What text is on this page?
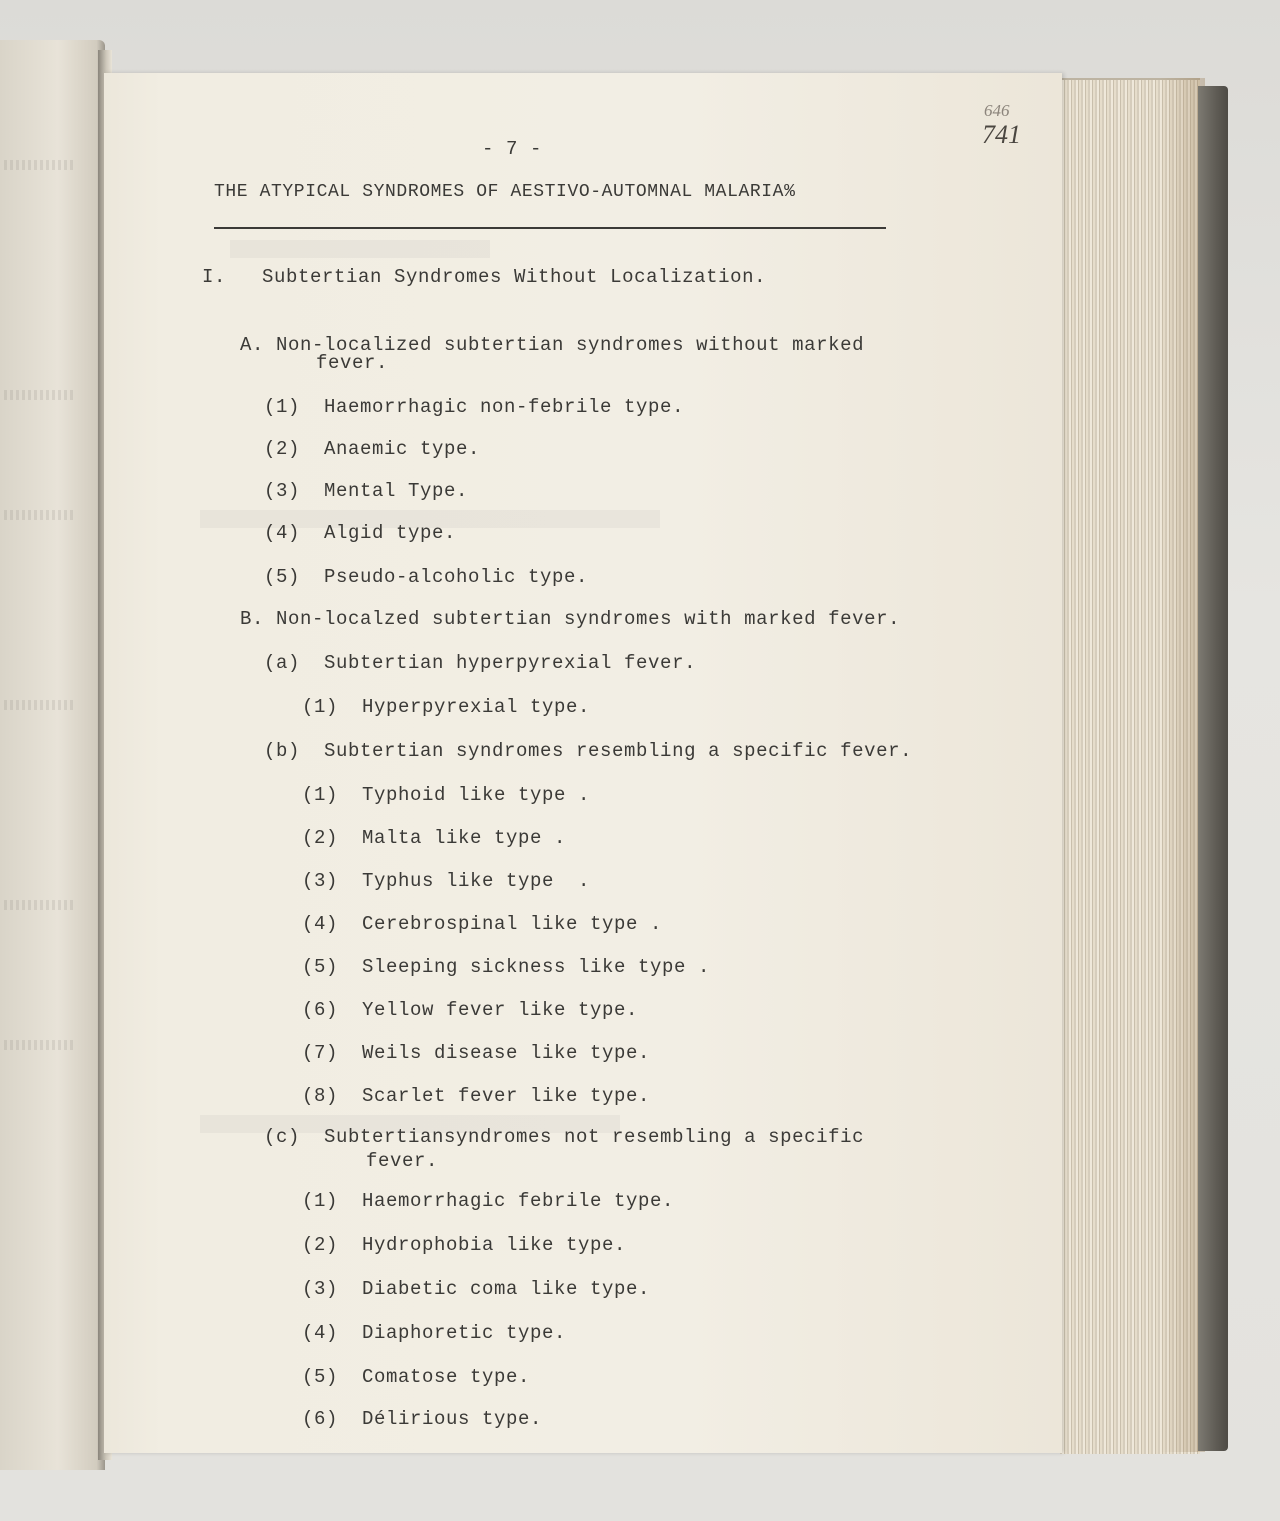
646
741
- 7 -
THE ATYPICAL SYNDROMES OF AESTIVO-AUTOMNAL MALARIA%
I.   Subtertian Syndromes Without Localization.
A. Non-localized subtertian syndromes without marked
fever.
(1)  Haemorrhagic non-febrile type.
(2)  Anaemic type.
(3)  Mental Type.
(4)  Algid type.
(5)  Pseudo-alcoholic type.
B. Non-localzed subtertian syndromes with marked fever.
(a)  Subtertian hyperpyrexial fever.
(1)  Hyperpyrexial type.
(b)  Subtertian syndromes resembling a specific fever.
(1)  Typhoid like type .
(2)  Malta like type .
(3)  Typhus like type  .
(4)  Cerebrospinal like type .
(5)  Sleeping sickness like type .
(6)  Yellow fever like type.
(7)  Weils disease like type.
(8)  Scarlet fever like type.
(c)  Subtertiansyndromes not resembling a specific
fever.
(1)  Haemorrhagic febrile type.
(2)  Hydrophobia like type.
(3)  Diabetic coma like type.
(4)  Diaphoretic type.
(5)  Comatose type.
(6)  Délirious type.
